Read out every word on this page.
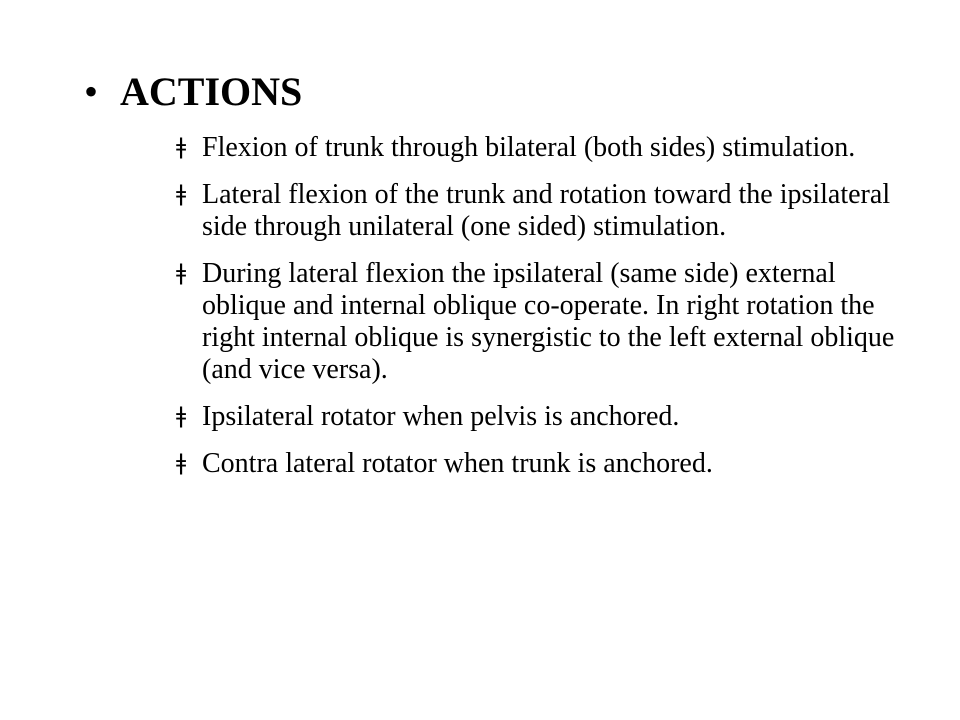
• ACTIONS
ǂ Flexion of trunk through bilateral (both sides) stimulation.
ǂ Lateral flexion of the trunk and rotation toward the ipsilateral side through unilateral (one sided) stimulation.
ǂ During lateral flexion the ipsilateral (same side) external oblique and internal oblique co-operate. In right rotation the right internal oblique is synergistic to the left external oblique (and vice versa).
ǂ Ipsilateral rotator when pelvis is anchored.
ǂ Contra lateral rotator when trunk is anchored.
